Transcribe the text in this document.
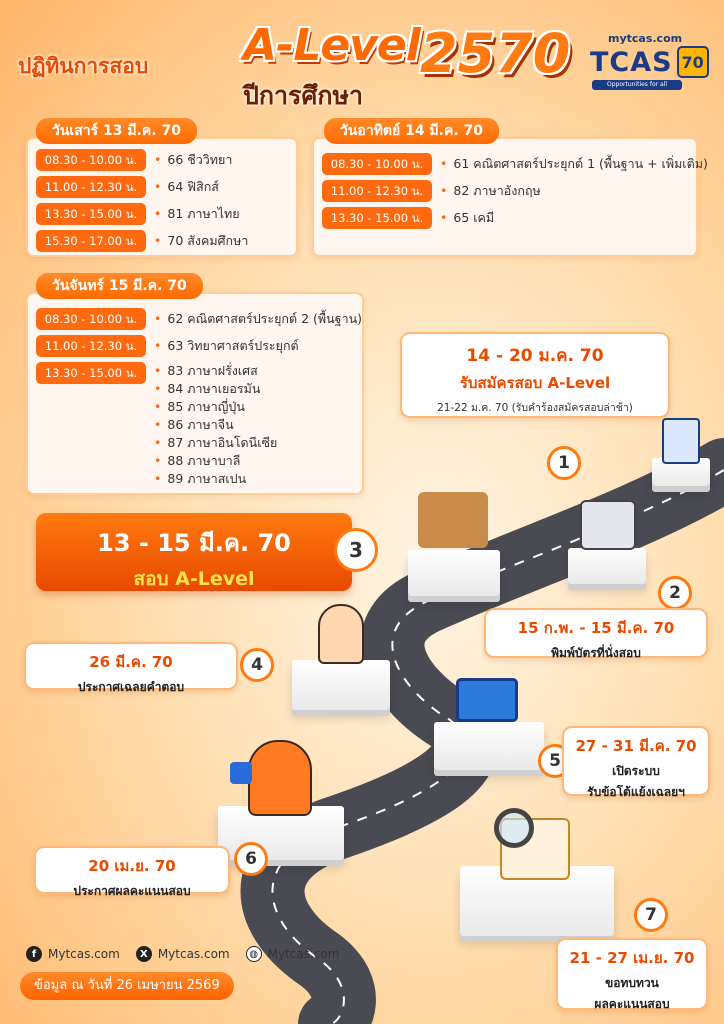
ปฏิทินการสอบ A-Level 2570
ปีการศึกษา
mytcas.com
TCAS 70
Opportunities for all
08.30 - 10.00 น.	• 66 ชีววิทยา
11.00 - 12.30 น.	• 64 ฟิสิกส์
13.30 - 15.00 น.	• 81 ภาษาไทย
15.30 - 17.00 น.	• 70 สังคมศึกษา
วันเสาร์ 13 มี.ค. 70
08.30 - 10.00 น.	• 61 คณิตศาสตร์ประยุกต์ 1 (พื้นฐาน + เพิ่มเติม)
11.00 - 12.30 น.	• 82 ภาษาอังกฤษ
13.30 - 15.00 น.	• 65 เคมี
วันอาทิตย์ 14 มี.ค. 70
08.30 - 10.00 น.	• 62 คณิตศาสตร์ประยุกต์ 2 (พื้นฐาน)
11.00 - 12.30 น.	• 63 วิทยาศาสตร์ประยุกต์
13.30 - 15.00 น.	• 83 ภาษาฝรั่งเศส
• 84 ภาษาเยอรมัน
• 85 ภาษาญี่ปุ่น
• 86 ภาษาจีน
• 87 ภาษาอินโดนีเซีย
• 88 ภาษาบาลี
• 89 ภาษาสเปน
วันจันทร์ 15 มี.ค. 70
14 - 20 ม.ค. 70
รับสมัครสอบ A-Level
21-22 ม.ค. 70 (รับคำร้องสมัครสอบล่าช้า)
1
2
15 ก.พ. - 15 มี.ค. 70
พิมพ์บัตรที่นั่งสอบ
13 - 15 มี.ค. 70
สอบ A-Level
3
26 มี.ค. 70
ประกาศเฉลยคำตอบ
4
5
27 - 31 มี.ค. 70
เปิดระบบ
รับข้อโต้แย้งเฉลยฯ
6
20 เม.ย. 70
ประกาศผลคะแนนสอบ
7
21 - 27 เม.ย. 70
ขอทบทวน
ผลคะแนนสอบ
f Mytcas.com	X Mytcas.com	◍ Mytcas.com
ข้อมูล ณ วันที่ 26 เมษายน 2569
